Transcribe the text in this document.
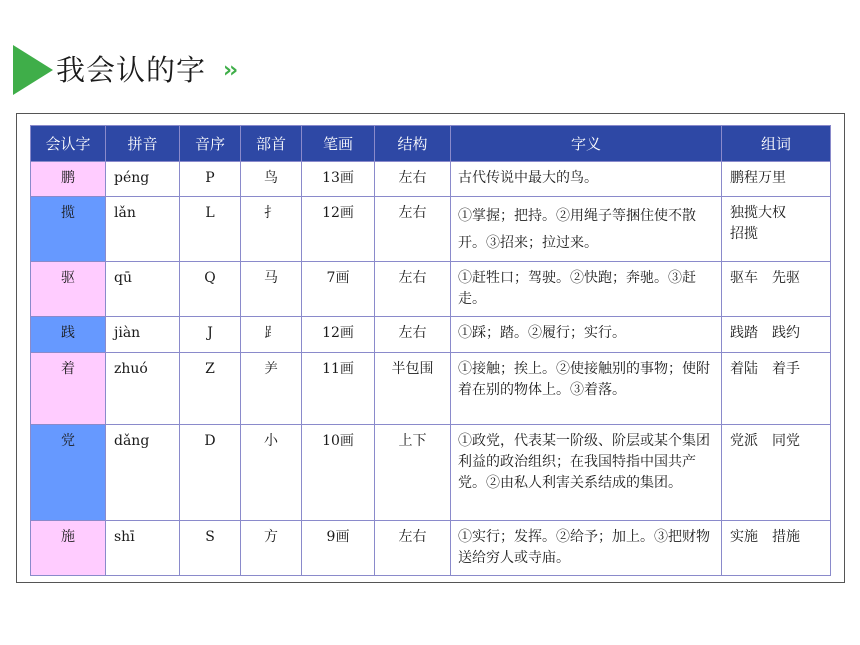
我会认的字 ››
会认字	拼音	音序	部首	笔画	结构	字义	组词
鹏	péng	P	鸟	13画	左右	古代传说中最大的鸟。	鹏程万里

揽	lǎn	L	扌	12画	左右	①掌握；把持。②用绳子等捆住使不散开。③招来；拉过来。	独揽大权
招揽

驱	qū	Q	马	7画	左右	①赶牲口；驾驶。②快跑；奔驰。③赶走。	驱车　先驱

践	jiàn	J	⻊	12画	左右	①踩；踏。②履行；实行。	践踏　践约

着	zhuó	Z	⺶	11画	半包围	①接触；挨上。②使接触别的事物；使附着在别的物体上。③着落。	着陆　着手

党	dǎng	D	小	10画	上下	①政党，代表某一阶级、阶层或某个集团利益的政治组织；在我国特指中国共产党。②由私人利害关系结成的集团。	党派　同党

施	shī	S	方	9画	左右	①实行；发挥。②给予；加上。③把财物送给穷人或寺庙。	实施　措施
